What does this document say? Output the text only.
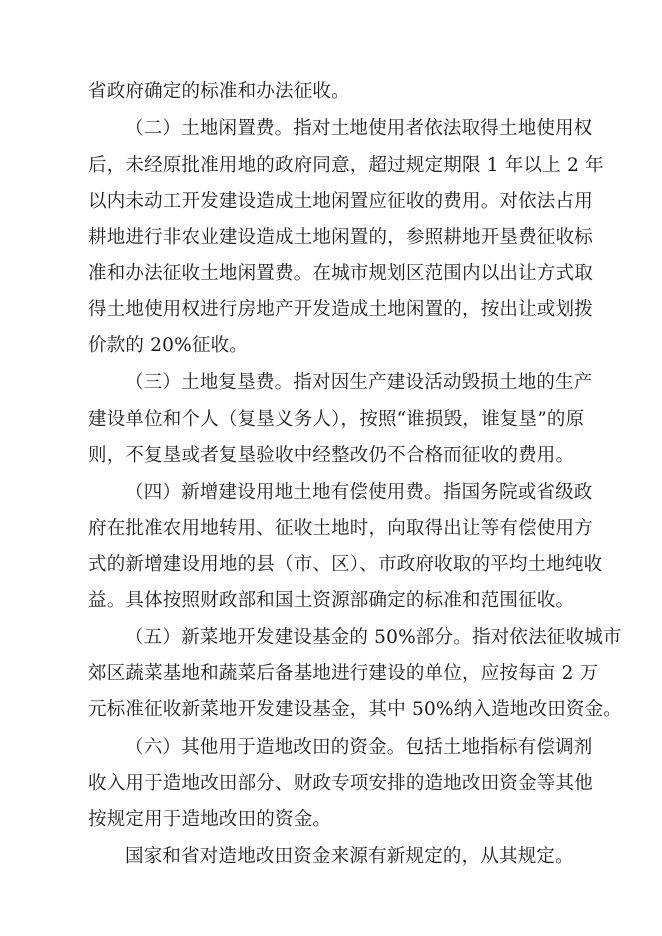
省政府确定的标准和办法征收。
（二）土地闲置费。指对土地使用者依法取得土地使用权
后，未经原批准用地的政府同意，超过规定期限 1 年以上 2 年
以内未动工开发建设造成土地闲置应征收的费用。对依法占用
耕地进行非农业建设造成土地闲置的，参照耕地开垦费征收标
准和办法征收土地闲置费。在城市规划区范围内以出让方式取
得土地使用权进行房地产开发造成土地闲置的，按出让或划拨
价款的 20%征收。
（三）土地复垦费。指对因生产建设活动毁损土地的生产
建设单位和个人（复垦义务人），按照“谁损毁，谁复垦”的原
则，不复垦或者复垦验收中经整改仍不合格而征收的费用。
（四）新增建设用地土地有偿使用费。指国务院或省级政
府在批准农用地转用、征收土地时，向取得出让等有偿使用方
式的新增建设用地的县（市、区）、市政府收取的平均土地纯收
益。具体按照财政部和国土资源部确定的标准和范围征收。
（五）新菜地开发建设基金的 50%部分。指对依法征收城市
郊区蔬菜基地和蔬菜后备基地进行建设的单位，应按每亩 2 万
元标准征收新菜地开发建设基金，其中 50%纳入造地改田资金。
（六）其他用于造地改田的资金。包括土地指标有偿调剂
收入用于造地改田部分、财政专项安排的造地改田资金等其他
按规定用于造地改田的资金。
国家和省对造地改田资金来源有新规定的，从其规定。
